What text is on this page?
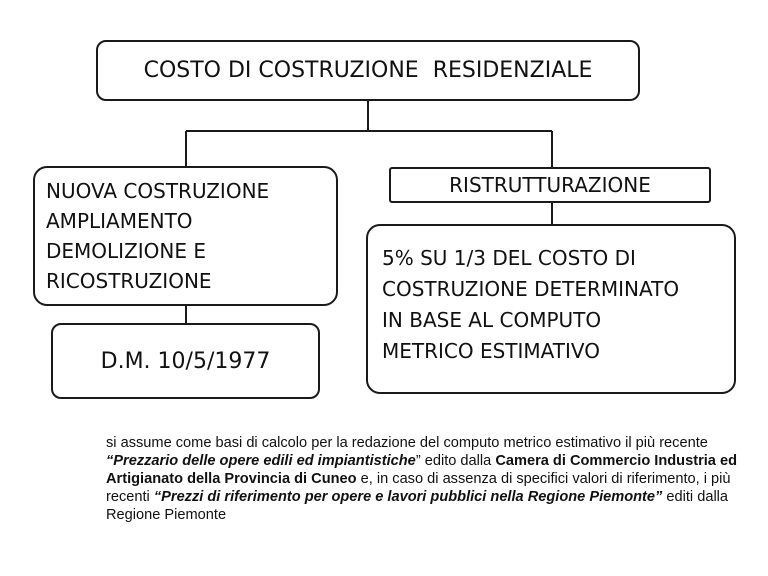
COSTO DI COSTRUZIONE  RESIDENZIALE
NUOVA COSTRUZIONE
AMPLIAMENTO
DEMOLIZIONE E
RICOSTRUZIONE
D.M. 10/5/1977
RISTRUTTURAZIONE
5% SU 1/3 DEL COSTO DI
COSTRUZIONE DETERMINATO
IN BASE AL COMPUTO
METRICO ESTIMATIVO

si assume come basi di calcolo per la redazione del computo metrico estimativo il più recente “Prezzario delle opere edili ed impiantistiche” edito dalla Camera di Commercio Industria ed Artigianato della Provincia di Cuneo e, in caso di assenza di specifici valori di riferimento, i più recenti “Prezzi di riferimento per opere e lavori pubblici nella Regione Piemonte” editi dalla Regione Piemonte
